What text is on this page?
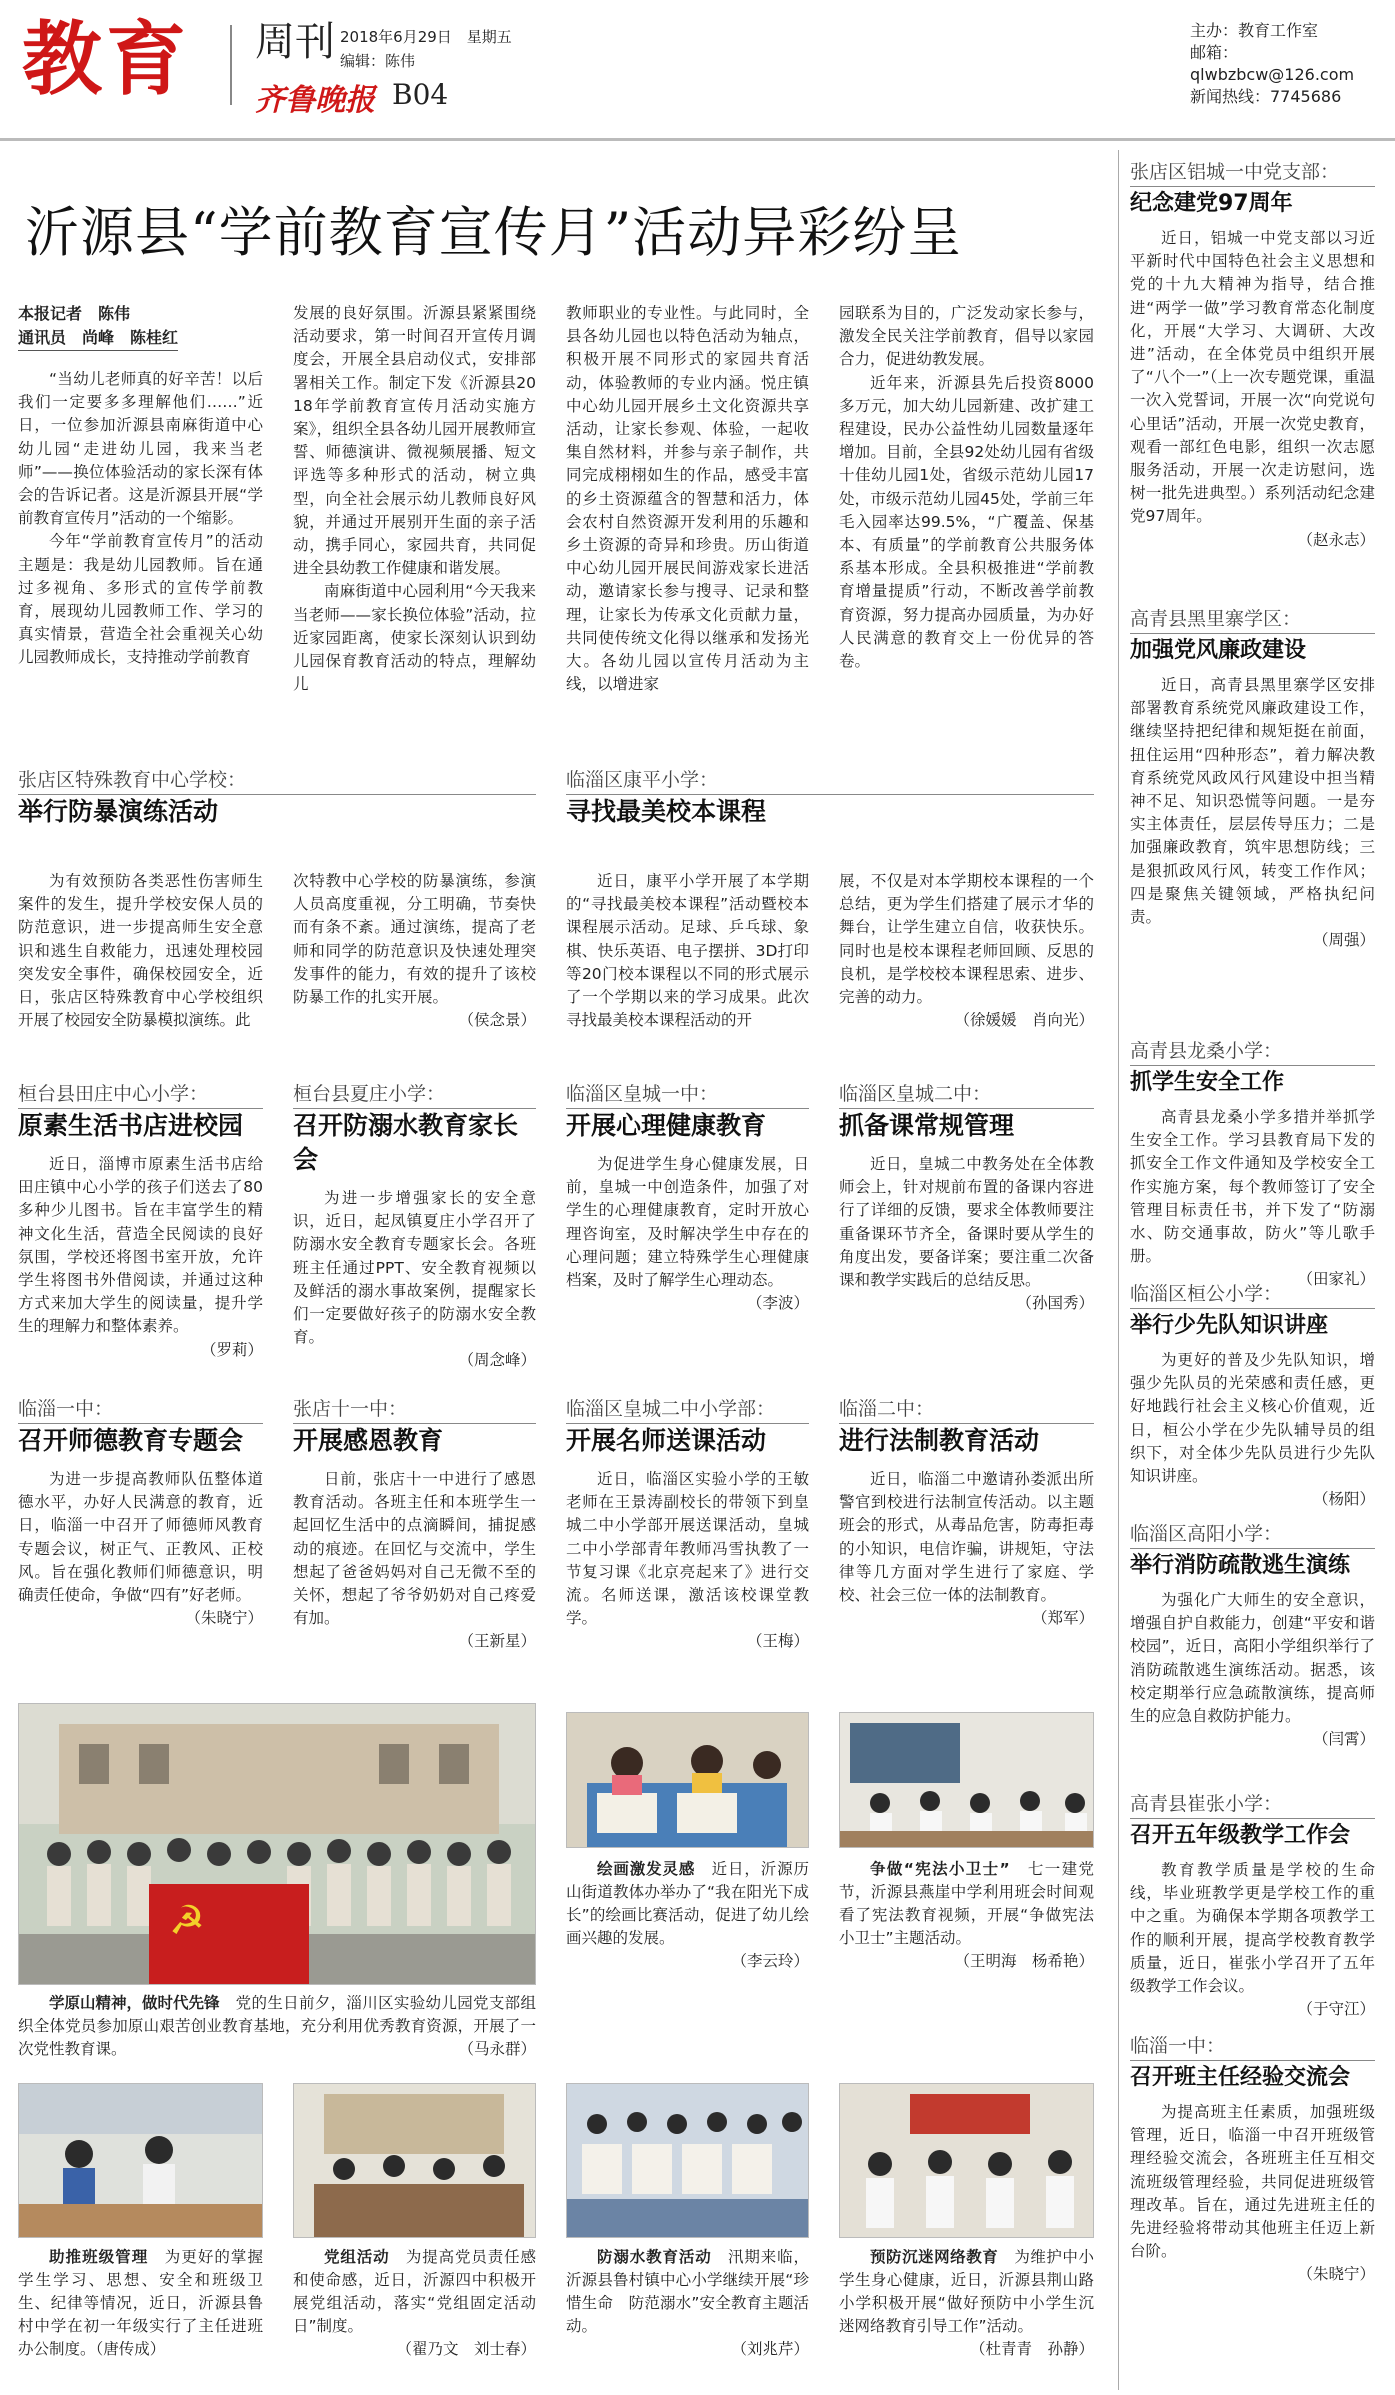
教育 周刊 2018年6月29日　星期五
编辑：陈伟
齐鲁晚报 B04
主办：教育工作室
邮箱：qlwbzbcw@126.com
新闻热线：7745686
沂源县“学前教育宣传月”活动异彩纷呈
本报记者　陈伟
通讯员　尚峰　陈桂红

“当幼儿老师真的好辛苦！以后我们一定要多多理解他们……”近日，一位参加沂源县南麻街道中心幼儿园“走进幼儿园，我来当老师”——换位体验活动的家长深有体会的告诉记者。这是沂源县开展“学前教育宣传月”活动的一个缩影。

今年“学前教育宣传月”的活动主题是：我是幼儿园教师。旨在通过多视角、多形式的宣传学前教育，展现幼儿园教师工作、学习的真实情景，营造全社会重视关心幼儿园教师成长，支持推动学前教育

发展的良好氛围。沂源县紧紧围绕活动要求，第一时间召开宣传月调度会，开展全县启动仪式，安排部署相关工作。制定下发《沂源县2018年学前教育宣传月活动实施方案》，组织全县各幼儿园开展教师宣誓、师德演讲、微视频展播、短文评选等多种形式的活动，树立典型，向全社会展示幼儿教师良好风貌，并通过开展别开生面的亲子活动，携手同心，家园共育，共同促进全县幼教工作健康和谐发展。

南麻街道中心园利用“今天我来当老师——家长换位体验”活动，拉近家园距离，使家长深刻认识到幼儿园保育教育活动的特点，理解幼儿

教师职业的专业性。与此同时，全县各幼儿园也以特色活动为轴点，积极开展不同形式的家园共育活动，体验教师的专业内涵。悦庄镇中心幼儿园开展乡土文化资源共享活动，让家长参观、体验，一起收集自然材料，并参与亲子制作，共同完成栩栩如生的作品，感受丰富的乡土资源蕴含的智慧和活力，体会农村自然资源开发利用的乐趣和乡土资源的奇异和珍贵。历山街道中心幼儿园开展民间游戏家长进活动，邀请家长参与搜寻、记录和整理，让家长为传承文化贡献力量，共同使传统文化得以继承和发扬光大。各幼儿园以宣传月活动为主线，以增进家

园联系为目的，广泛发动家长参与，激发全民关注学前教育，倡导以家园合力，促进幼教发展。

近年来，沂源县先后投资8000多万元，加大幼儿园新建、改扩建工程建设，民办公益性幼儿园数量逐年增加。目前，全县92处幼儿园有省级十佳幼儿园1处，省级示范幼儿园17处，市级示范幼儿园45处，学前三年毛入园率达99.5%，“广覆盖、保基本、有质量”的学前教育公共服务体系基本形成。全县积极推进“学前教育增量提质”行动，不断改善学前教育资源，努力提高办园质量，为办好人民满意的教育交上一份优异的答卷。

张店区特殊教育中心学校：
举行防暴演练活动

为有效预防各类恶性伤害师生案件的发生，提升学校安保人员的防范意识，进一步提高师生安全意识和逃生自救能力，迅速处理校园突发安全事件，确保校园安全，近日，张店区特殊教育中心学校组织开展了校园安全防暴模拟演练。此

次特教中心学校的防暴演练，参演人员高度重视，分工明确，节奏快而有条不紊。通过演练，提高了老师和同学的防范意识及快速处理突发事件的能力，有效的提升了该校防暴工作的扎实开展。

（侯念景）

临淄区康平小学：
寻找最美校本课程

近日，康平小学开展了本学期的“寻找最美校本课程”活动暨校本课程展示活动。足球、乒乓球、象棋、快乐英语、电子摆拼、3D打印等20门校本课程以不同的形式展示了一个学期以来的学习成果。此次寻找最美校本课程活动的开

展，不仅是对本学期校本课程的一个总结，更为学生们搭建了展示才华的舞台，让学生建立自信，收获快乐。同时也是校本课程老师回顾、反思的良机，是学校校本课程思索、进步、完善的动力。

（徐媛媛　肖向光）

桓台县田庄中心小学：
原素生活书店进校园

近日，淄博市原素生活书店给田庄镇中心小学的孩子们送去了80多种少儿图书。旨在丰富学生的精神文化生活，营造全民阅读的良好氛围，学校还将图书室开放，允许学生将图书外借阅读，并通过这种方式来加大学生的阅读量，提升学生的理解力和整体素养。

（罗莉）

桓台县夏庄小学：
召开防溺水教育家长会

为进一步增强家长的安全意识，近日，起凤镇夏庄小学召开了防溺水安全教育专题家长会。各班班主任通过PPT、安全教育视频以及鲜活的溺水事故案例，提醒家长们一定要做好孩子的防溺水安全教育。

（周念峰）

临淄区皇城一中：
开展心理健康教育

为促进学生身心健康发展，日前，皇城一中创造条件，加强了对学生的心理健康教育，定时开放心理咨询室，及时解决学生中存在的心理问题；建立特殊学生心理健康档案，及时了解学生心理动态。

（李波）

临淄区皇城二中：
抓备课常规管理

近日，皇城二中教务处在全体教师会上，针对规前布置的备课内容进行了详细的反馈，要求全体教师要注重备课环节齐全，备课时要从学生的角度出发，要备详案；要注重二次备课和教学实践后的总结反思。

（孙国秀）

临淄一中：
召开师德教育专题会

为进一步提高教师队伍整体道德水平，办好人民满意的教育，近日，临淄一中召开了师德师风教育专题会议，树正气、正教风、正校风。旨在强化教师们师德意识，明确责任使命，争做“四有”好老师。

（朱晓宁）

张店十一中：
开展感恩教育

日前，张店十一中进行了感恩教育活动。各班主任和本班学生一起回忆生活中的点滴瞬间，捕捉感动的痕迹。在回忆与交流中，学生想起了爸爸妈妈对自己无微不至的关怀，想起了爷爷奶奶对自己疼爱有加。

（王新星）

临淄区皇城二中小学部：
开展名师送课活动

近日，临淄区实验小学的王敏老师在王景涛副校长的带领下到皇城二中小学部开展送课活动，皇城二中小学部青年教师冯雪执教了一节复习课《北京亮起来了》进行交流。名师送课，激活该校课堂教学。

（王梅）

临淄二中：
进行法制教育活动

近日，临淄二中邀请孙娄派出所警官到校进行法制宣传活动。以主题班会的形式，从毒品危害，防毒拒毒的小知识，电信诈骗，讲规矩，守法律等几方面对学生进行了家庭、学校、社会三位一体的法制教育。

（郑军）

☭
学原山精神，做时代先锋　 党的生日前夕，淄川区实验幼儿园党支部组织全体党员参加原山艰苦创业教育基地，充分利用优秀教育资源，开展了一次党性教育课。	（马永群）
绘画激发灵感　 近日，沂源历山街道教体办举办了“我在阳光下成长”的绘画比赛活动，促进了幼儿绘画兴趣的发展。
（李云玲）
争做“宪法小卫士”　 七一建党节，沂源县燕崖中学利用班会时间观看了宪法教育视频，开展“争做宪法小卫士”主题活动。
（王明海　杨希艳）
助推班级管理　 为更好的掌握学生学习、思想、安全和班级卫生、纪律等情况，近日，沂源县鲁村中学在初一年级实行了主任进班办公制度。（唐传成）
党组活动　 为提高党员责任感和使命感，近日，沂源四中积极开展党组活动，落实“党组固定活动日”制度。
（翟乃文　刘士春）
防溺水教育活动　 汛期来临，沂源县鲁村镇中心小学继续开展“珍惜生命　防范溺水”安全教育主题活动。
（刘兆芹）
预防沉迷网络教育　 为维护中小学生身心健康，近日，沂源县荆山路小学积极开展“做好预防中小学生沉迷网络教育引导工作”活动。
（杜青青　孙静）
张店区铝城一中党支部：
纪念建党97周年

近日，铝城一中党支部以习近平新时代中国特色社会主义思想和党的十九大精神为指导，结合推进“两学一做”学习教育常态化制度化，开展“大学习、大调研、大改进”活动，在全体党员中组织开展了“八个一”（上一次专题党课，重温一次入党誓词，开展一次“向党说句心里话”活动，开展一次党史教育，观看一部红色电影，组织一次志愿服务活动，开展一次走访慰问，选树一批先进典型。）系列活动纪念建党97周年。

（赵永志）

高青县黑里寨学区：
加强党风廉政建设

近日，高青县黑里寨学区安排部署教育系统党风廉政建设工作，继续坚持把纪律和规矩挺在前面，扭住运用“四种形态”，着力解决教育系统党风政风行风建设中担当精神不足、知识恐慌等问题。一是夯实主体责任，层层传导压力；二是加强廉政教育，筑牢思想防线；三是狠抓政风行风，转变工作作风；四是聚焦关键领域，严格执纪问责。

（周强）

高青县龙桑小学：
抓学生安全工作

高青县龙桑小学多措并举抓学生安全工作。学习县教育局下发的抓安全工作文件通知及学校安全工作实施方案，每个教师签订了安全管理目标责任书，并下发了“防溺水、防交通事故，防火”等儿歌手册。

（田家礼）

临淄区桓公小学：
举行少先队知识讲座

为更好的普及少先队知识，增强少先队员的光荣感和责任感，更好地践行社会主义核心价值观，近日，桓公小学在少先队辅导员的组织下，对全体少先队员进行少先队知识讲座。

（杨阳）

临淄区高阳小学：
举行消防疏散逃生演练

为强化广大师生的安全意识，增强自护自救能力，创建“平安和谐校园”，近日，高阳小学组织举行了消防疏散逃生演练活动。据悉，该校定期举行应急疏散演练，提高师生的应急自救防护能力。

（闫霄）

高青县崔张小学：
召开五年级教学工作会

教育教学质量是学校的生命线，毕业班教学更是学校工作的重中之重。为确保本学期各项教学工作的顺利开展，提高学校教育教学质量，近日，崔张小学召开了五年级教学工作会议。

（于守江）

临淄一中：
召开班主任经验交流会

为提高班主任素质，加强班级管理，近日，临淄一中召开班级管理经验交流会，各班班主任互相交流班级管理经验，共同促进班级管理改革。旨在，通过先进班主任的先进经验将带动其他班主任迈上新台阶。

（朱晓宁）
